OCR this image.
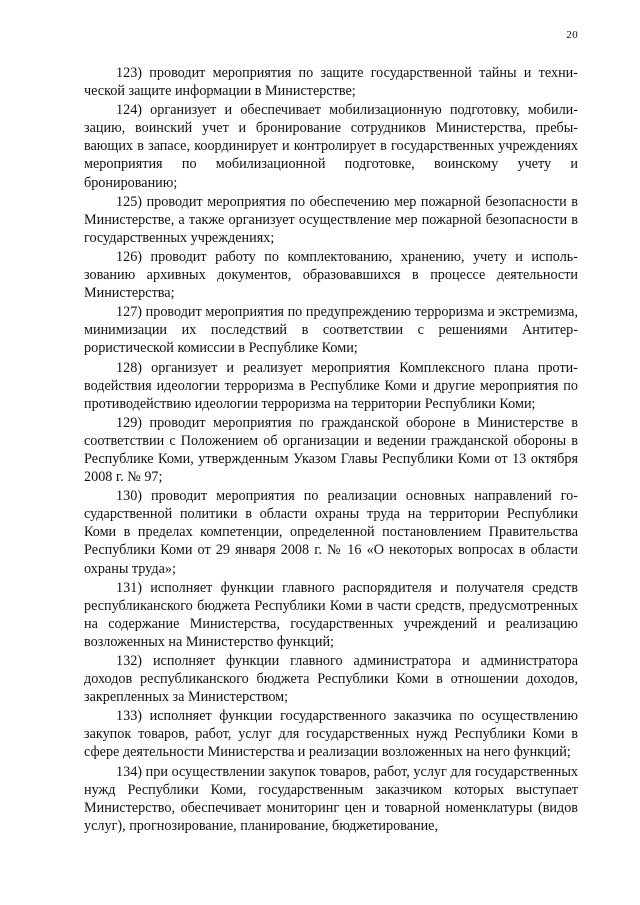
20

123) проводит мероприятия по защите государственной тайны и технической защите информации в Министерстве;

124) организует и обеспечивает мобилизационную подготовку, мобилизацию, воинский учет и бронирование сотрудников Министерства, пребывающих в запасе, координирует и контролирует в государственных учреждениях мероприятия по мобилизационной подготовке, воинскому учету и бронированию;

125) проводит мероприятия по обеспечению мер пожарной безопасности в Министерстве, а также организует осуществление мер пожарной безопасности в государственных учреждениях;

126) проводит работу по комплектованию, хранению, учету и использованию архивных документов, образовавшихся в процессе деятельности Министерства;

127) проводит мероприятия по предупреждению терроризма и экстремизма, минимизации их последствий в соответствии с решениями Антитеррористической комиссии в Республике Коми;

128) организует и реализует мероприятия Комплексного плана противодействия идеологии терроризма в Республике Коми и другие мероприятия по противодействию идеологии терроризма на территории Республики Коми;

129) проводит мероприятия по гражданской обороне в Министерстве в соответствии с Положением об организации и ведении гражданской обороны в Республике Коми, утвержденным Указом Главы Республики Коми от 13 октября 2008 г. № 97;

130) проводит мероприятия по реализации основных направлений государственной политики в области охраны труда на территории Республики Коми в пределах компетенции, определенной постановлением Правительства Республики Коми от 29 января 2008 г. № 16 «О некоторых вопросах в области охраны труда»;

131) исполняет функции главного распорядителя и получателя средств республиканского бюджета Республики Коми в части средств, предусмотренных на содержание Министерства, государственных учреждений и реализацию возложенных на Министерство функций;

132) исполняет функции главного администратора и администратора доходов республиканского бюджета Республики Коми в отношении доходов, закрепленных за Министерством;

133) исполняет функции государственного заказчика по осуществлению закупок товаров, работ, услуг для государственных нужд Республики Коми в сфере деятельности Министерства и реализации возложенных на него функций;

134) при осуществлении закупок товаров, работ, услуг для государственных нужд Республики Коми, государственным заказчиком которых выступает Министерство, обеспечивает мониторинг цен и товарной номенклатуры (видов услуг), прогнозирование, планирование, бюджетирование,
